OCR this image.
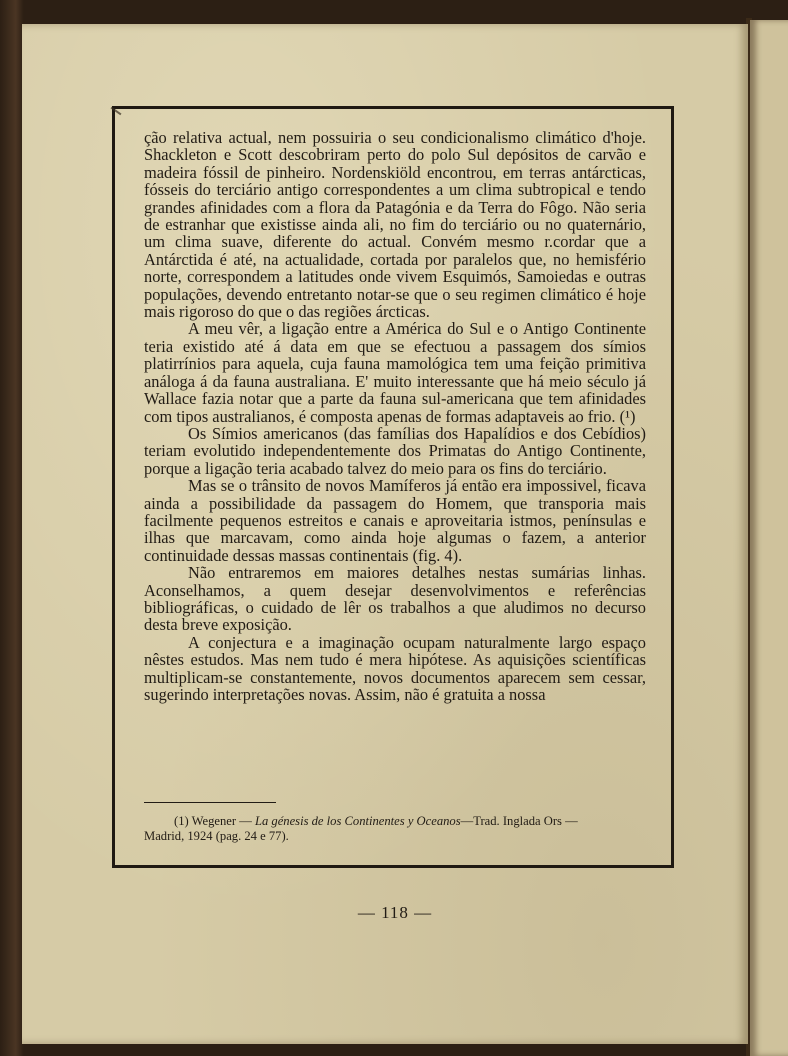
ção relativa actual, nem possuiria o seu condicionalismo climático d'hoje. Shackleton e Scott descobriram perto do polo Sul depósitos de carvão e madeira fóssil de pinheiro. Nordenskiöld encontrou, em terras antárcticas, fósseis do terciário antigo correspondentes a um clima subtropical e tendo grandes afinidades com a flora da Patagónia e da Terra do Fôgo. Não seria de estranhar que existisse ainda ali, no fim do terciário ou no quaternário, um clima suave, diferente do actual. Convém mesmo r.cordar que a Antárctida é até, na actualidade, cortada por paralelos que, no hemisfério norte, correspondem a latitudes onde vivem Esquimós, Samoiedas e outras populações, devendo entretanto notar-se que o seu regimen climático é hoje mais rigoroso do que o das regiões árcticas.

A meu vêr, a ligação entre a América do Sul e o Antigo Continente teria existido até á data em que se efectuou a passagem dos símios platirrínios para aquela, cuja fauna mamológica tem uma feição primitiva análoga á da fauna australiana. E' muito interessante que há meio século já Wallace fazia notar que a parte da fauna sul-americana que tem afinidades com tipos australianos, é composta apenas de formas adaptaveis ao frio. (¹)

Os Símios americanos (das famílias dos Hapalídios e dos Cebídios) teriam evolutido independentemente dos Primatas do Antigo Continente, porque a ligação teria acabado talvez do meio para os fins do terciário.

Mas se o trânsito de novos Mamíferos já então era impossivel, ficava ainda a possibilidade da passagem do Homem, que transporia mais facilmente pequenos estreitos e canais e aproveitaria istmos, penínsulas e ilhas que marcavam, como ainda hoje algumas o fazem, a anterior continuidade dessas massas continentais (fig. 4).

Não entraremos em maiores detalhes nestas sumárias linhas. Aconselhamos, a quem desejar desenvolvimentos e referências bibliográficas, o cuidado de lêr os trabalhos a que aludimos no decurso desta breve exposição.

A conjectura e a imaginação ocupam naturalmente largo espaço nêstes estudos. Mas nem tudo é mera hipótese. As aquisições scientíficas multiplicam-se constantemente, novos documentos aparecem sem cessar, sugerindo interpretações novas. Assim, não é gratuita a nossa

(1) Wegener — La génesis de los Continentes y Oceanos—Trad. Inglada Ors —
Madrid, 1924 (pag. 24 e 77).
— 118 —
